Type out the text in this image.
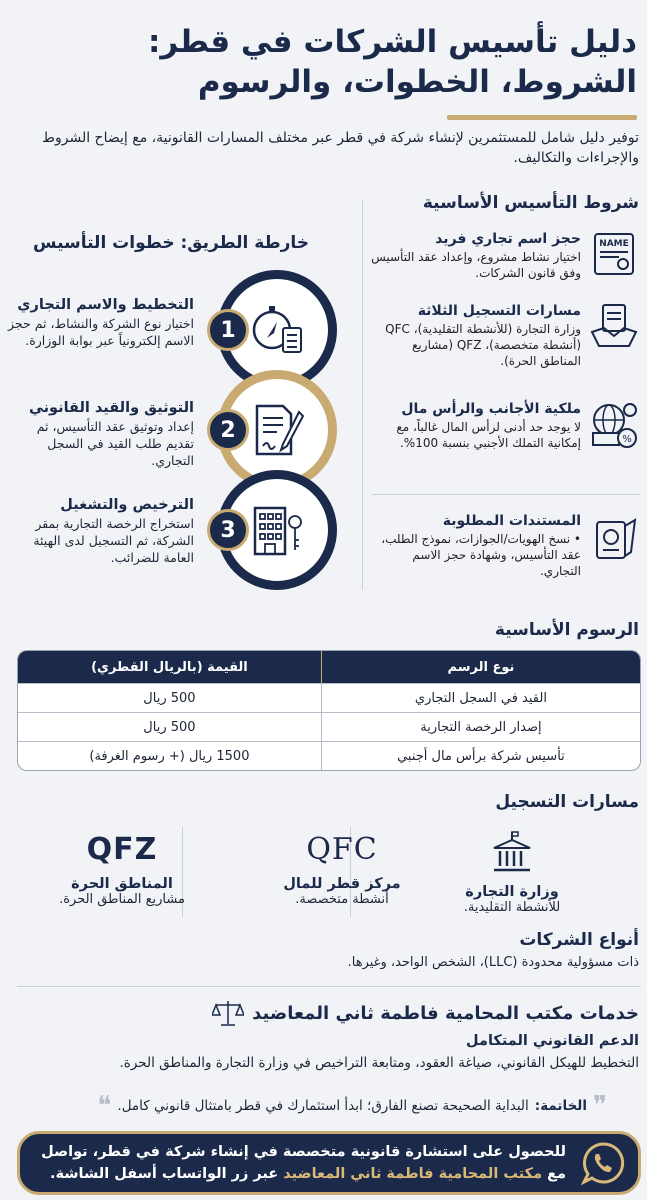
دليل تأسيس الشركات في قطر:
الشروط، الخطوات، والرسوم

توفير دليل شامل للمستثمرين لإنشاء شركة في قطر عبر مختلف المسارات القانونية، مع إيضاح الشروط والإجراءات والتكاليف.

شروط التأسيس الأساسية
NAME
حجز اسم تجاري فريد
اختيار نشاط مشروع، وإعداد عقد التأسيس وفق قانون الشركات.
مسارات التسجيل الثلاثة
وزارة التجارة (للأنشطة التقليدية)، QFC (أنشطة متخصصة)، QFZ (مشاريع المناطق الحرة).
%
ملكية الأجانب والرأس مال
لا يوجد حد أدنى لرأس المال غالباً، مع إمكانية التملك الأجنبي بنسبة 100%.
المستندات المطلوبة
• نسخ الهويات/الجوازات، نموذج الطلب، عقد التأسيس، وشهادة حجز الاسم التجاري.
خارطة الطريق: خطوات التأسيس
1
2
3
التخطيط والاسم التجاري
اختيار نوع الشركة والنشاط، ثم حجز الاسم إلكترونياً عبر بوابة الوزارة.
التوثيق والقيد القانوني
إعداد وتوثيق عقد التأسيس، ثم تقديم طلب القيد في السجل التجاري.
الترخيص والتشغيل
استخراج الرخصة التجارية بمقر الشركة، ثم التسجيل لدى الهيئة العامة للضرائب.
الرسوم الأساسية
نوع الرسم	القيمة (بالريال القطري)
القيد في السجل التجاري	500 ريال
إصدار الرخصة التجارية	500 ريال
تأسيس شركة برأس مال أجنبي	1500 ريال (+ رسوم الغرفة)
مسارات التسجيل
وزارة التجارة
للأنشطة التقليدية.
QFC
مركز قطر للمال
أنشطة متخصصة.
QFZ
المناطق الحرة
مشاريع المناطق الحرة.
أنواع الشركات
ذات مسؤولية محدودة (LLC)، الشخص الواحد، وغيرها.
خدمات مكتب المحامية فاطمة ثاني المعاضيد
الدعم القانوني المتكامل
التخطيط للهيكل القانوني، صياغة العقود، ومتابعة التراخيص في وزارة التجارة والمناطق الحرة.
❞
الخاتمة:
البداية الصحيحة تصنع الفارق؛ ابدأ استثمارك في قطر بامتثال قانوني كامل.
❝
للحصول على استشارة قانونية متخصصة في إنشاء شركة في قطر، تواصل
مع مكتب المحامية فاطمة ثاني المعاضيد عبر زر الواتساب أسفل الشاشة.
